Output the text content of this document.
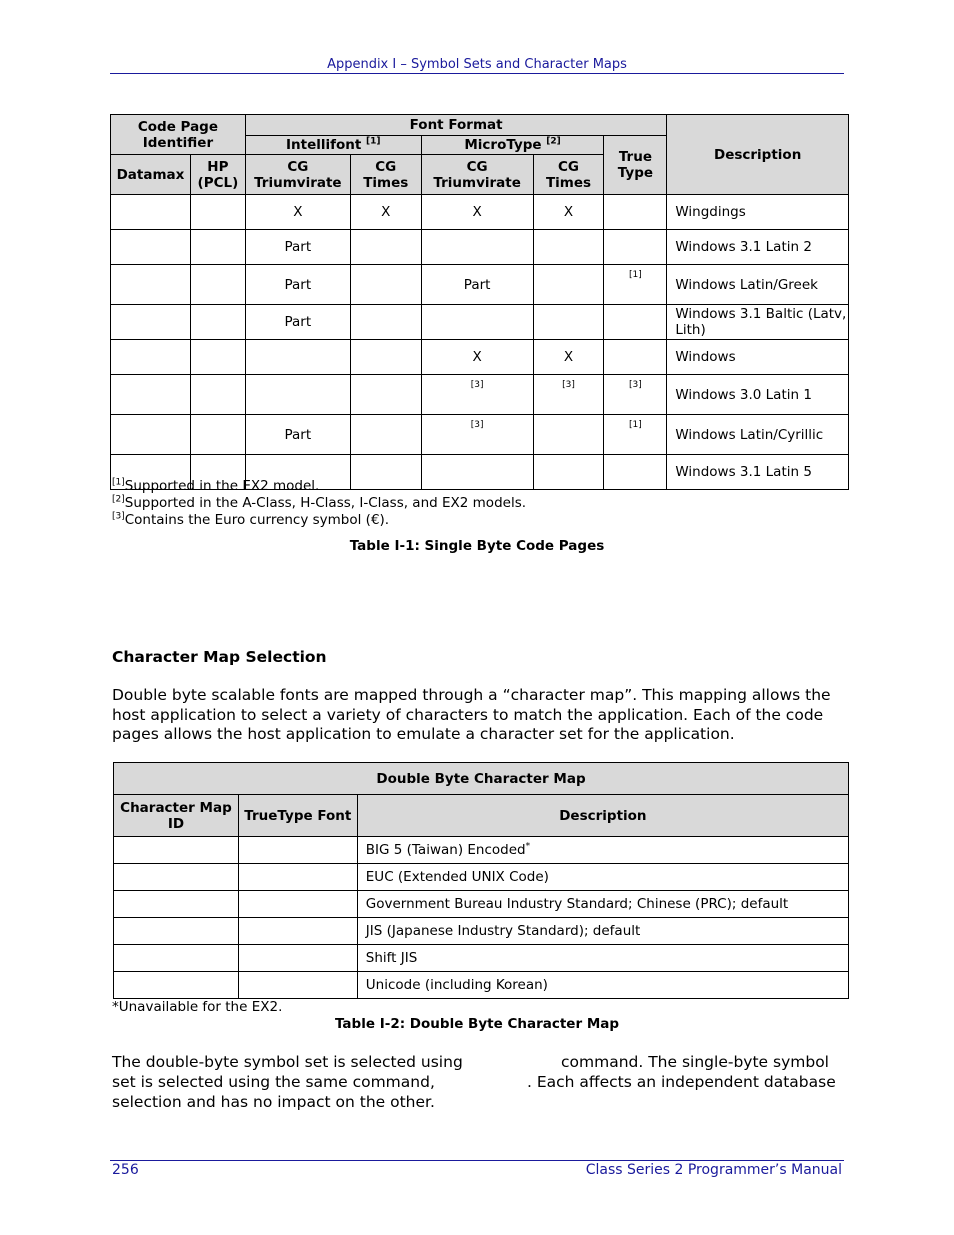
Appendix I – Symbol Sets and Character Maps
Code Page Identifier		Font Format					Description
		Intellifont [1]		MicroType [2]		True Type	
Datamax	HP (PCL)	CG Triumvirate	CG Times	CG Triumvirate	CG Times		
		X	X	X	X		Wingdings
		Part					Windows 3.1 Latin 2
		Part		Part		[1]	Windows Latin/Greek
		Part					Windows 3.1 Baltic (Latv, Lith)
				X	X		Windows
				[3]	[3]	[3]	Windows 3.0 Latin 1
		Part		[3]		[1]	Windows Latin/Cyrillic
							Windows 3.1 Latin 5
[1]Supported in the EX2 model.
[2]Supported in the A-Class, H-Class, I-Class, and EX2 models.
[3]Contains the Euro currency symbol (€).
Table I-1: Single Byte Code Pages
Character Map Selection

Double byte scalable fonts are mapped through a “character map”. This mapping allows the host application to select a variety of characters to match the application. Each of the code pages allows the host application to emulate a character set for the application.

Double Byte Character Map		
Character Map ID	TrueType Font	Description
		BIG 5 (Taiwan) Encoded*
		EUC (Extended UNIX Code)
		Government Bureau Industry Standard; Chinese (PRC); default
		JIS (Japanese Industry Standard); default
		Shift JIS
		Unicode (including Korean)
*Unavailable for the EX2.
Table I-2: Double Byte Character Map
The double-byte symbol set is selected using	command. The single-byte symbol
set is selected using the same command,	. Each affects an independent database
selection and has no impact on the other.
256	Class Series 2 Programmer’s Manual
